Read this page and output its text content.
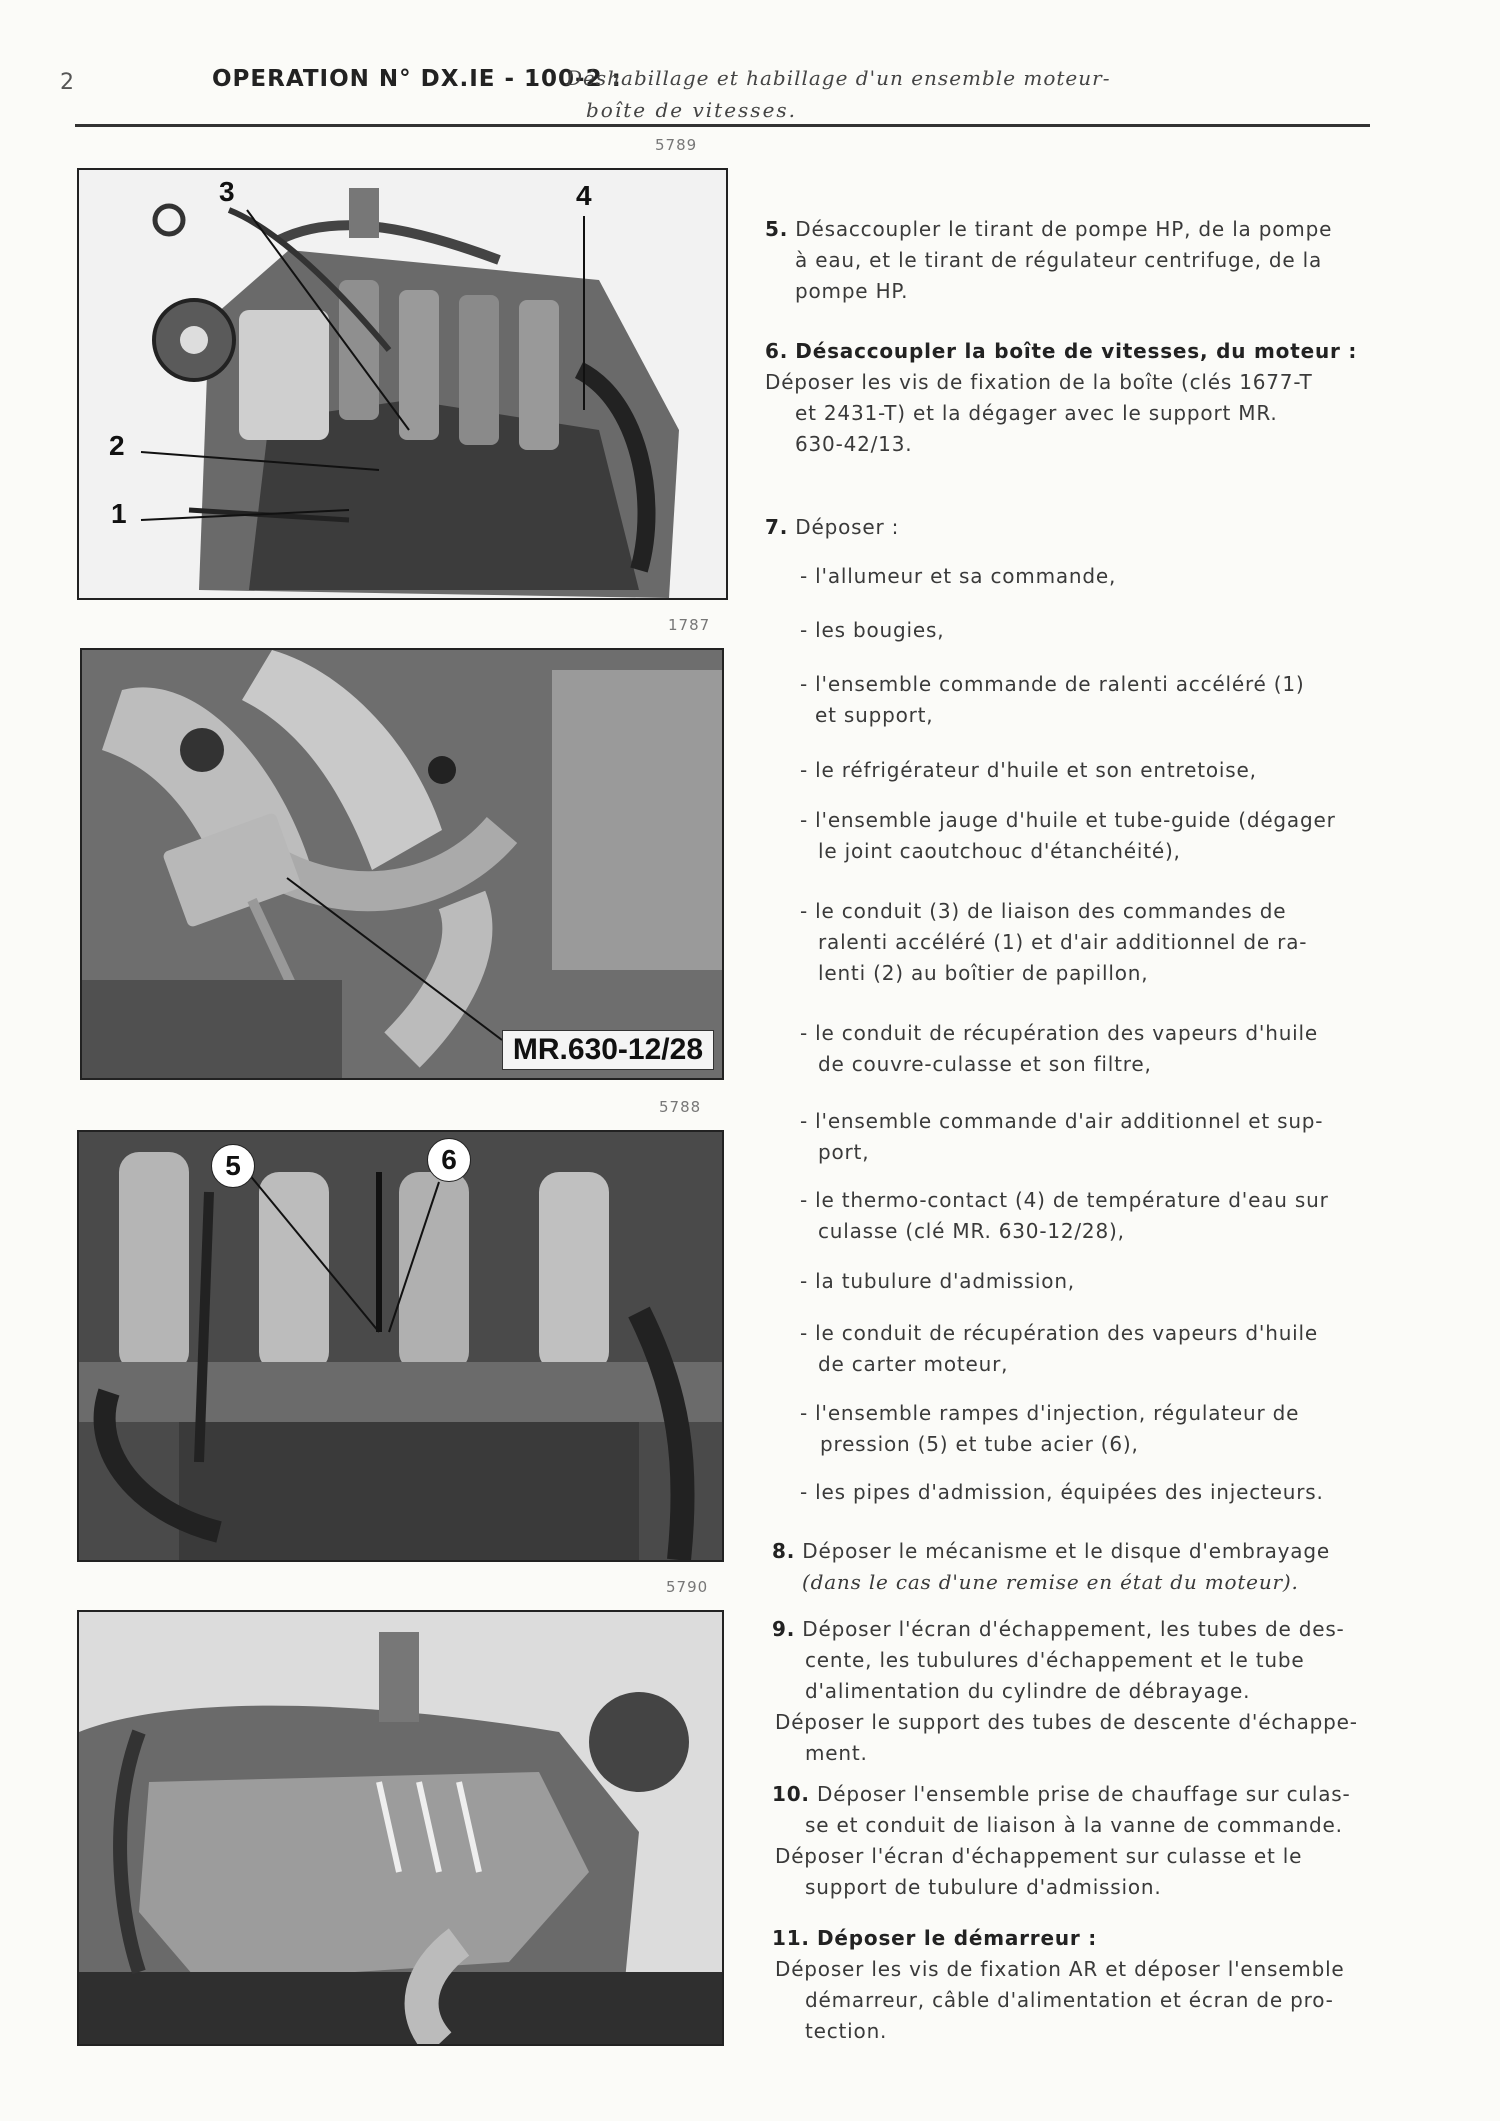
2	OPERATION N° DX.IE - 100-2 :
Déshabillage et habillage d'un ensemble moteur-
boîte de vitesses.
5789
3	4
2
1
1787
MR.630-12/28
5788
5	6
5790
5. Désaccoupler le tirant de pompe HP, de la pompe
à eau, et le tirant de régulateur centrifuge, de la
pompe HP.
6. Désaccoupler la boîte de vitesses, du moteur :
Déposer les vis de fixation de la boîte (clés 1677-T
et 2431-T) et la dégager avec le support MR.
630-42/13.
7. Déposer :
- l'allumeur et sa commande,
- les bougies,
- l'ensemble commande de ralenti accéléré (1)
et support,
- le réfrigérateur d'huile et son entretoise,
- l'ensemble jauge d'huile et tube-guide (dégager
le joint caoutchouc d'étanchéité),
- le conduit (3) de liaison des commandes de
ralenti accéléré (1) et d'air additionnel de ra-
lenti (2) au boîtier de papillon,
- le conduit de récupération des vapeurs d'huile
de couvre-culasse et son filtre,
- l'ensemble commande d'air additionnel et sup-
port,
- le thermo-contact (4) de température d'eau sur
culasse (clé MR. 630-12/28),
- la tubulure d'admission,
- le conduit de récupération des vapeurs d'huile
de carter moteur,
- l'ensemble rampes d'injection, régulateur de
pression (5) et tube acier (6),
- les pipes d'admission, équipées des injecteurs.
8. Déposer le mécanisme et le disque d'embrayage
(dans le cas d'une remise en état du moteur).
9. Déposer l'écran d'échappement, les tubes de des-
cente, les tubulures d'échappement et le tube
d'alimentation du cylindre de débrayage.
Déposer le support des tubes de descente d'échappe-
ment.
10. Déposer l'ensemble prise de chauffage sur culas-
se et conduit de liaison à la vanne de commande.
Déposer l'écran d'échappement sur culasse et le
support de tubulure d'admission.
11. Déposer le démarreur :
Déposer les vis de fixation AR et déposer l'ensemble
démarreur, câble d'alimentation et écran de pro-
tection.
